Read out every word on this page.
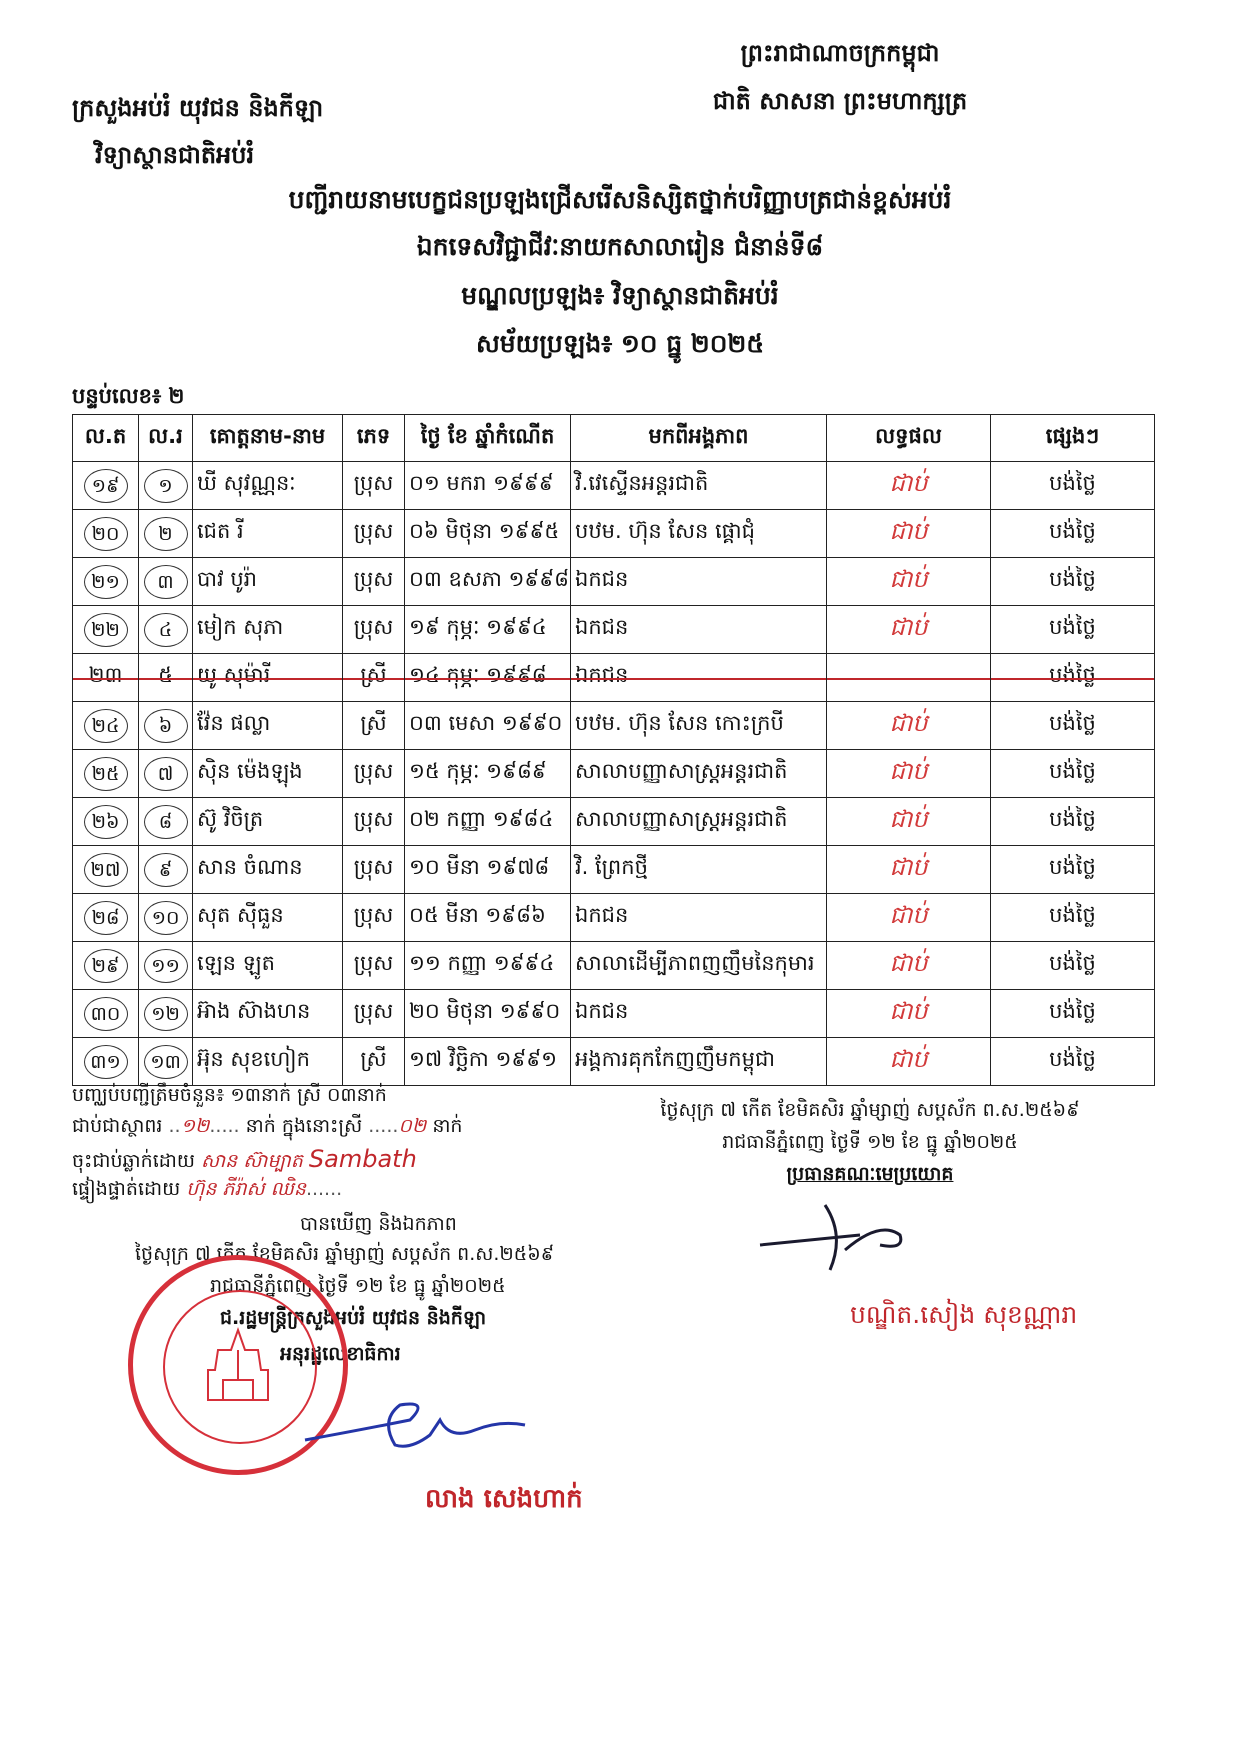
ព្រះរាជាណាចក្រកម្ពុជា
ជាតិ សាសនា ព្រះមហាក្សត្រ
ក្រសួងអប់រំ យុវជន និងកីឡា
វិទ្យាស្ថានជាតិអប់រំ
បញ្ជីរាយនាមបេក្ខជនប្រឡងជ្រើសរើសនិស្សិតថ្នាក់បរិញ្ញាបត្រជាន់ខ្ពស់អប់រំ
ឯកទេសវិជ្ជាជីវៈនាយកសាលារៀន ជំនាន់ទី៨
មណ្ឌលប្រឡង៖ វិទ្យាស្ថានជាតិអប់រំ
សម័យប្រឡង៖ ១០ ធ្នូ ២០២៥
បន្ទប់លេខ៖ ២
ល.ត	ល.រ	គោត្តនាម-នាម	ភេទ	ថ្ងៃ ខែ ឆ្នាំកំណើត	មកពីអង្គភាព	លទ្ធផល	ផ្សេងៗ
១៩	១	ឃី សុវណ្ណនៈ	ប្រុស	០១ មករា ១៩៩៩	វិ.វេស្ទើនអន្តរជាតិ	ជាប់	បង់ថ្លៃ
២០	២	ជេត រី	ប្រុស	០៦ មិថុនា ១៩៩៥	បឋម. ហ៊ុន សែន ផ្គោជុំ	ជាប់	បង់ថ្លៃ
២១	៣	បាវ បូរ៉ា	ប្រុស	០៣ ឧសភា ១៩៩៨	ឯកជន	ជាប់	បង់ថ្លៃ
២២	៤	មៀក សុភា	ប្រុស	១៩ កុម្ភៈ ១៩៩៤	ឯកជន	ជាប់	បង់ថ្លៃ
២៣	៥	យូ សុម៉ារី	ស្រី	១៤ កុម្ភៈ ១៩៩៨	ឯកជន		បង់ថ្លៃ
២៤	៦	វ៉ែន ផល្លា	ស្រី	០៣ មេសា ១៩៩០	បឋម. ហ៊ុន សែន កោះក្របី	ជាប់	បង់ថ្លៃ
២៥	៧	ស៊ិន ម៉េងឡុង	ប្រុស	១៥ កុម្ភៈ ១៩៨៩	សាលាបញ្ញាសាស្ត្រអន្តរជាតិ	ជាប់	បង់ថ្លៃ
២៦	៨	ស៊ូ វិចិត្រ	ប្រុស	០២ កញ្ញា ១៩៨៤	សាលាបញ្ញាសាស្ត្រអន្តរជាតិ	ជាប់	បង់ថ្លៃ
២៧	៩	សាន ចំណាន	ប្រុស	១០ មីនា ១៩៧៨	វិ. ព្រែកថ្មី	ជាប់	បង់ថ្លៃ
២៨	១០	សុត ស៊ីធួន	ប្រុស	០៥ មីនា ១៩៨៦	ឯកជន	ជាប់	បង់ថ្លៃ
២៩	១១	ឡេន ឡូត	ប្រុស	១១ កញ្ញា ១៩៩៤	សាលាដើម្បីភាពញញឹមនៃកុមារ	ជាប់	បង់ថ្លៃ
៣០	១២	អ៊ាង ស៊ាងហន	ប្រុស	២០ មិថុនា ១៩៩០	ឯកជន	ជាប់	បង់ថ្លៃ
៣១	១៣	អ៊ុន សុខហៀក	ស្រី	១៧ វិច្ឆិកា ១៩៩១	អង្គការគុកកែញញឹមកម្ពុជា	ជាប់	បង់ថ្លៃ
បញ្ឈប់បញ្ជីត្រឹមចំនួន៖ ១៣នាក់ ស្រី ០៣នាក់
ជាប់ជាស្ថាពរ ..១២..... នាក់ ក្នុងនោះស្រី .....០២ នាក់
ចុះជាប់ឆ្លាក់ដោយ សាន ស៊ាម្បាត Sambath
ផ្ទៀងផ្ទាត់ដោយ ហ៊ុន ភីរ៉ាស់ ឈិន......
ថ្ងៃសុក្រ ៧ កើត ខែមិគសិរ ឆ្នាំម្សាញ់ សប្តស័ក ព.ស.២៥៦៩
រាជធានីភ្នំពេញ ថ្ងៃទី ១២ ខែ ធ្នូ ឆ្នាំ២០២៥
ប្រធានគណៈមេប្រយោគ
បណ្ឌិត.សៀង សុខណ្ណារា
បានឃើញ និងឯកភាព
ថ្ងៃសុក្រ ៧ កើត ខែមិគសិរ ឆ្នាំម្សាញ់ សប្តស័ក ព.ស.២៥៦៩
រាជធានីភ្នំពេញ ថ្ងៃទី ១២ ខែ ធ្នូ ឆ្នាំ២០២៥
ជ.រដ្ឋមន្ត្រីក្រសួងអប់រំ យុវជន និងកីឡា
អនុរដ្ឋលេខាធិការ
លាង សេងហាក់
